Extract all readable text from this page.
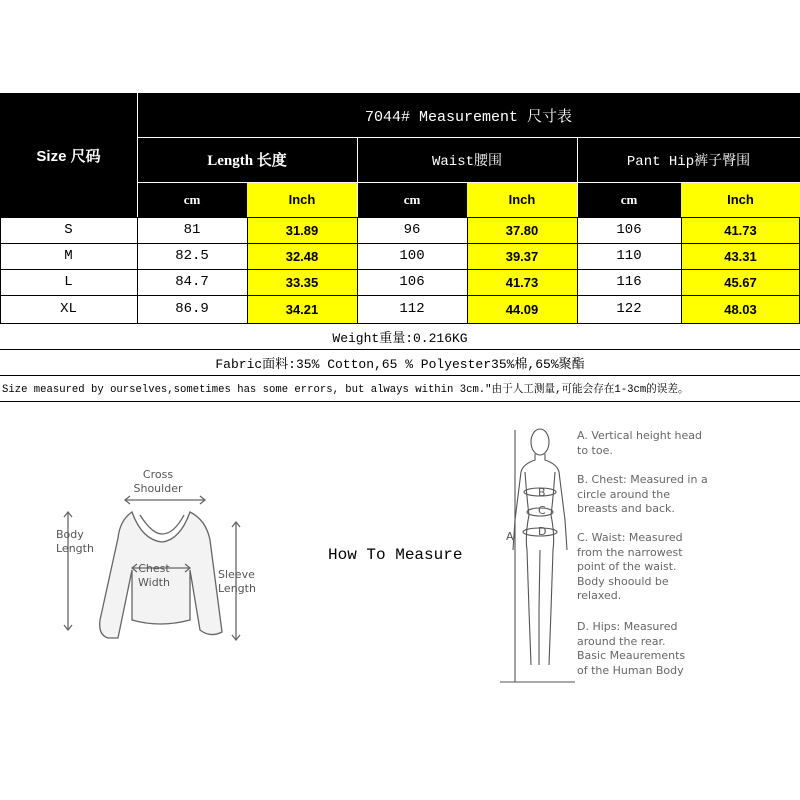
Size 尺码
7044# Measurement 尺寸表
Length 长度	Waist腰围	Pant Hip裤子臀围
cm	Inch	cm	Inch	cm	Inch
S	81	31.89	96	37.80	106	41.73
M	82.5	32.48	100	39.37	110	43.31
L	84.7	33.35	106	41.73	116	45.67
XL	86.9	34.21	112	44.09	122	48.03
Weight重量:0.216KG
Fabric面料:35% Cotton,65 % Polyester35%棉,65%聚酯
Size measured by ourselves,sometimes has some errors, but always within 3cm."由于人工测量,可能会存在1-3cm的误差。
Cross
Shoulder
Body
Length
Chest
Width
Sleeve
Length
How To Measure
A
B
C
D
A. Vertical height head
to toe.
B. Chest: Measured in a
circle around the
breasts and back.
C. Waist: Measured
from the narrowest
point of the waist.
Body shoould be
relaxed.
D. Hips: Measured
around the rear.
Basic Meaurements
of the Human Body
